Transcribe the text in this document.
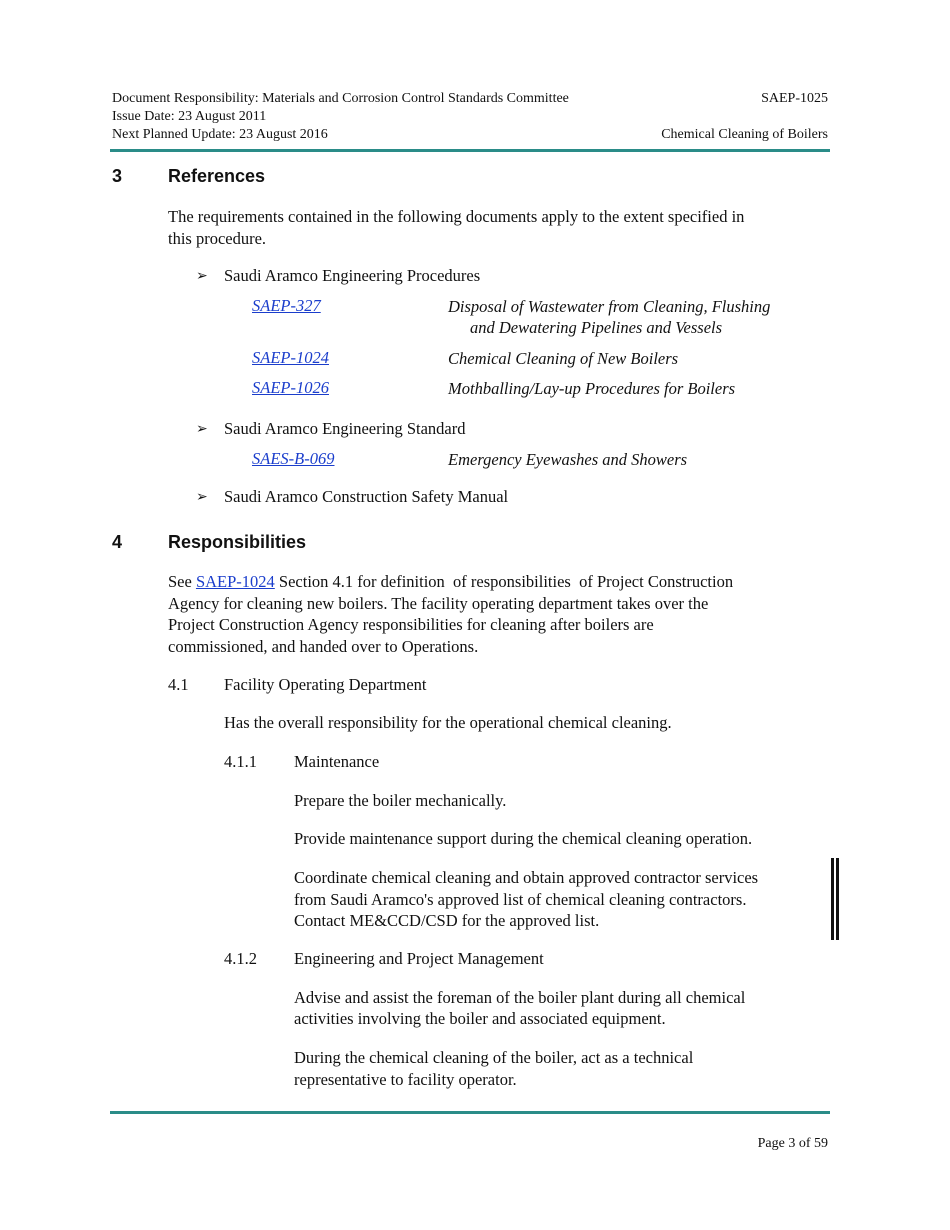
Document Responsibility: Materials and Corrosion Control Standards Committee	SAEP-1025
Issue Date: 23 August 2011
Next Planned Update: 23 August 2016	Chemical Cleaning of Boilers
3	References
The requirements contained in the following documents apply to the extent specified in
this procedure.
➢ Saudi Aramco Engineering Procedures
SAEP-327	Disposal of Wastewater from Cleaning, Flushing
and Dewatering Pipelines and Vessels
SAEP-1024	Chemical Cleaning of New Boilers
SAEP-1026	Mothballing/Lay-up Procedures for Boilers
➢ Saudi Aramco Engineering Standard
SAES-B-069	Emergency Eyewashes and Showers
➢ Saudi Aramco Construction Safety Manual
4	Responsibilities
See SAEP-1024 Section 4.1 for definition  of responsibilities  of Project Construction
Agency for cleaning new boilers. The facility operating department takes over the
Project Construction Agency responsibilities for cleaning after boilers are
commissioned, and handed over to Operations.
4.1 Facility Operating Department
Has the overall responsibility for the operational chemical cleaning.
4.1.1 Maintenance
Prepare the boiler mechanically.
Provide maintenance support during the chemical cleaning operation.
Coordinate chemical cleaning and obtain approved contractor services
from Saudi Aramco's approved list of chemical cleaning contractors.
Contact ME&CCD/CSD for the approved list.
4.1.2 Engineering and Project Management
Advise and assist the foreman of the boiler plant during all chemical
activities involving the boiler and associated equipment.
During the chemical cleaning of the boiler, act as a technical
representative to facility operator.
Page 3 of 59
